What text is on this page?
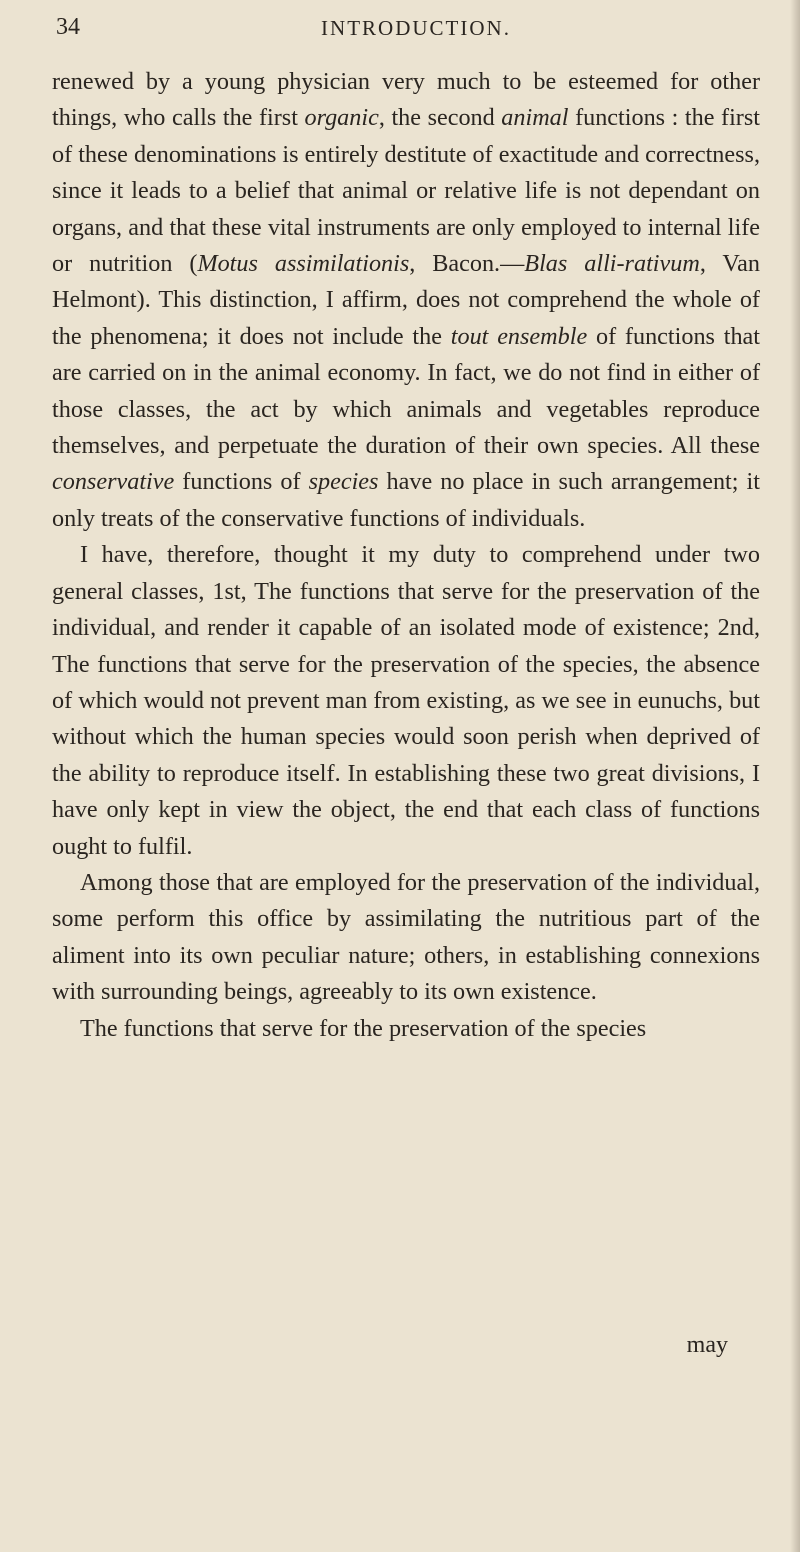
34	INTRODUCTION.

renewed by a young physician very much to be esteemed for other things, who calls the first organic, the second animal functions : the first of these denominations is entirely destitute of exactitude and correctness, since it leads to a belief that animal or relative life is not dependant on organs, and that these vital instruments are only employed to internal life or nutrition (Motus assimilationis, Bacon.—Blas alli-rativum, Van Helmont). This distinction, I affirm, does not comprehend the whole of the phenomena; it does not include the tout ensemble of functions that are carried on in the animal economy. In fact, we do not find in either of those classes, the act by which animals and vegetables reproduce themselves, and perpetuate the duration of their own species. All these conservative functions of species have no place in such arrangement; it only treats of the conservative functions of individuals.

I have, therefore, thought it my duty to comprehend under two general classes, 1st, The functions that serve for the preservation of the individual, and render it capable of an isolated mode of existence; 2nd, The functions that serve for the preservation of the species, the absence of which would not prevent man from existing, as we see in eunuchs, but without which the human species would soon perish when deprived of the ability to reproduce itself. In establishing these two great divisions, I have only kept in view the object, the end that each class of functions ought to fulfil.

Among those that are employed for the preservation of the individual, some perform this office by assimilating the nutritious part of the aliment into its own peculiar nature; others, in establishing connexions with surrounding beings, agreeably to its own existence.

The functions that serve for the preservation of the species

may
